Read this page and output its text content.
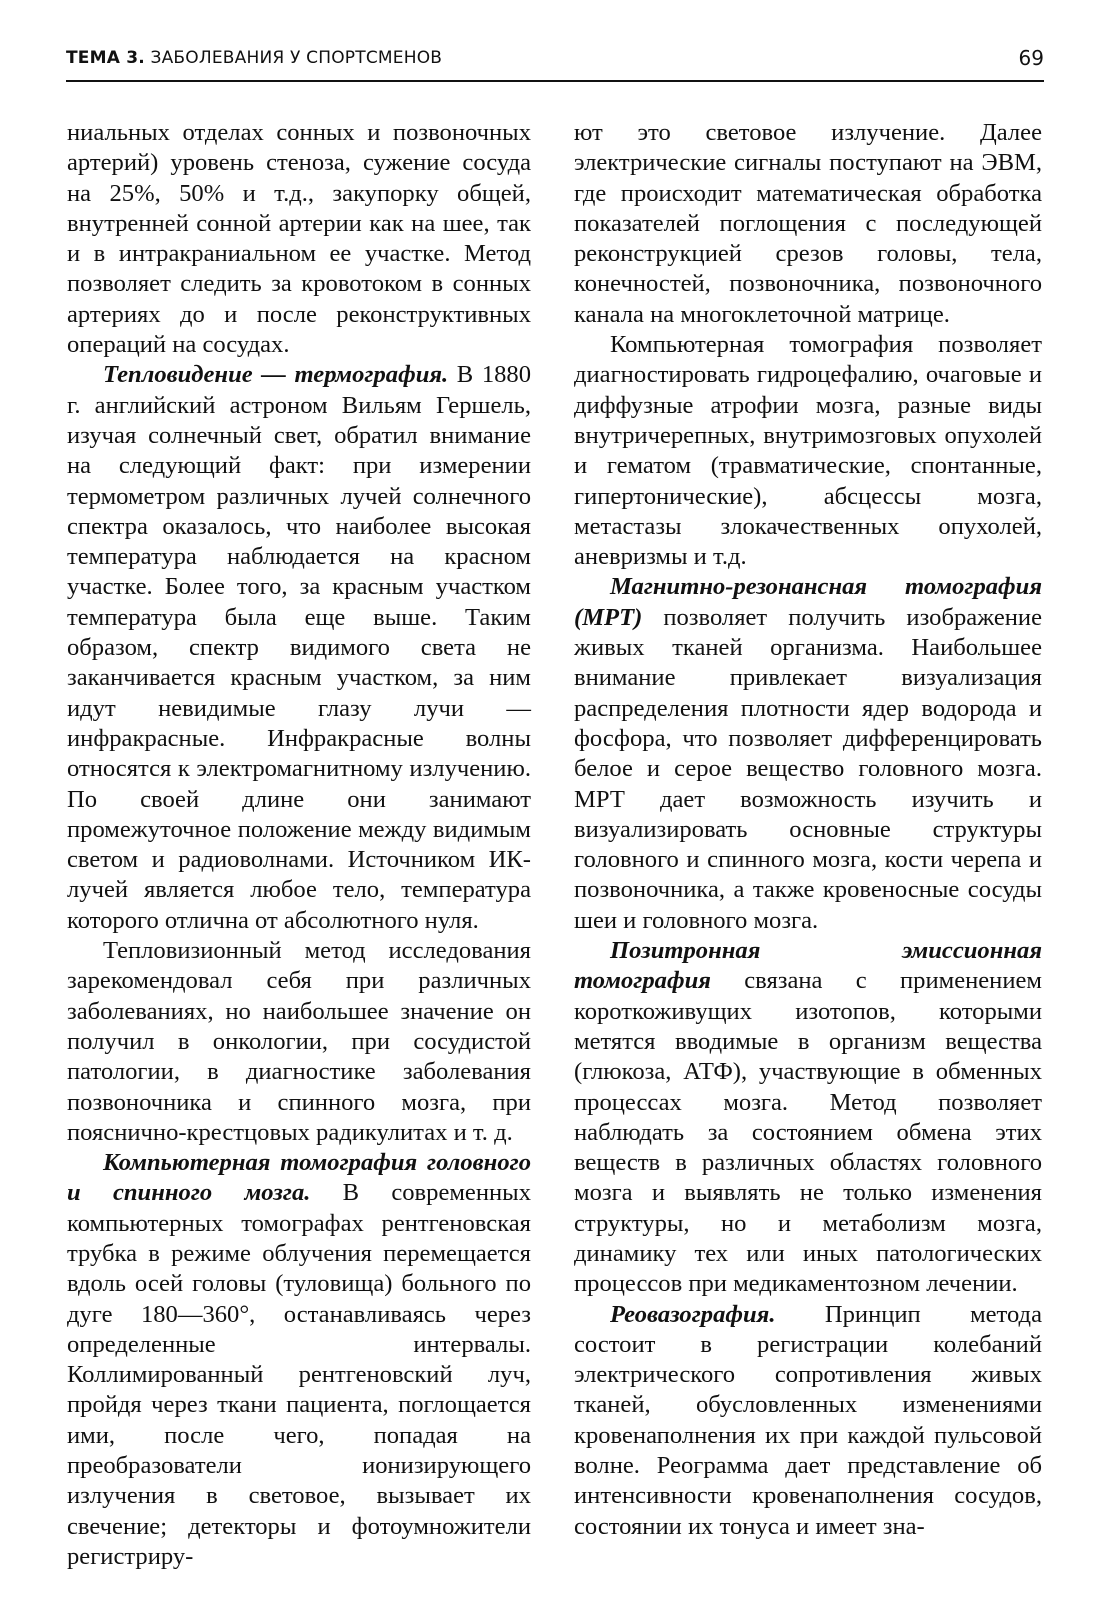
ТЕМА 3. ЗАБОЛЕВАНИЯ У СПОРТСМЕНОВ	69

ниальных отделах сонных и позвоночных артерий) уровень стеноза, сужение сосуда на 25%, 50% и т.д., закупорку общей, внутренней сонной артерии как на шее, так и в интракраниальном ее участке. Метод позволяет следить за кровотоком в сонных артериях до и после реконструктивных операций на сосудах.

Тепловидение — термография. В 1880 г. английский астроном Вильям Гершель, изучая солнечный свет, обратил внимание на следующий факт: при измерении термометром различных лучей солнечного спектра оказалось, что наиболее высокая температура наблюдается на красном участке. Более того, за красным участком температура была еще выше. Таким образом, спектр видимого света не заканчивается красным участком, за ним идут невидимые глазу лучи — инфракрасные. Инфракрасные волны относятся к электромагнитному излучению. По своей длине они занимают промежуточное положение между видимым светом и радиоволнами. Источником ИК-лучей является любое тело, температура которого отлична от абсолютного нуля.

Тепловизионный метод исследования зарекомендовал себя при различных заболеваниях, но наибольшее значение он получил в онкологии, при сосудистой патологии, в диагностике заболевания позвоночника и спинного мозга, при пояснично-крестцовых радикулитах и т. д.

Компьютерная томография головного и спинного мозга. В современных компьютерных томографах рентгеновская трубка в режиме облучения перемещается вдоль осей головы (туловища) больного по дуге 180—360°, останавливаясь через определенные интервалы. Коллимированный рентгеновский луч, пройдя через ткани пациента, поглощается ими, после чего, попадая на преобразователи ионизирующего излучения в световое, вызывает их свечение; детекторы и фотоумножители регистриру-

ют это световое излучение. Далее электрические сигналы поступают на ЭВМ, где происходит математическая обработка показателей поглощения с последующей реконструкцией срезов головы, тела, конечностей, позвоночника, позвоночного канала на многоклеточной матрице.

Компьютерная томография позволяет диагностировать гидроцефалию, очаговые и диффузные атрофии мозга, разные виды внутричерепных, внутримозговых опухолей и гематом (травматические, спонтанные, гипертонические), абсцессы мозга, метастазы злокачественных опухолей, аневризмы и т.д.

Магнитно-резонансная томография (МРТ) позволяет получить изображение живых тканей организма. Наибольшее внимание привлекает визуализация распределения плотности ядер водорода и фосфора, что позволяет дифференцировать белое и серое вещество головного мозга. МРТ дает возможность изучить и визуализировать основные структуры головного и спинного мозга, кости черепа и позвоночника, а также кровеносные сосуды шеи и головного мозга.

Позитронная эмиссионная томография связана с применением короткоживущих изотопов, которыми метятся вводимые в организм вещества (глюкоза, АТФ), участвующие в обменных процессах мозга. Метод позволяет наблюдать за состоянием обмена этих веществ в различных областях головного мозга и выявлять не только изменения структуры, но и метаболизм мозга, динамику тех или иных патологических процессов при медикаментозном лечении.

Реовазография. Принцип метода состоит в регистрации колебаний электрического сопротивления живых тканей, обусловленных изменениями кровенаполнения их при каждой пульсовой волне. Реограмма дает представление об интенсивности кровенаполнения сосудов, состоянии их тонуса и имеет зна-
